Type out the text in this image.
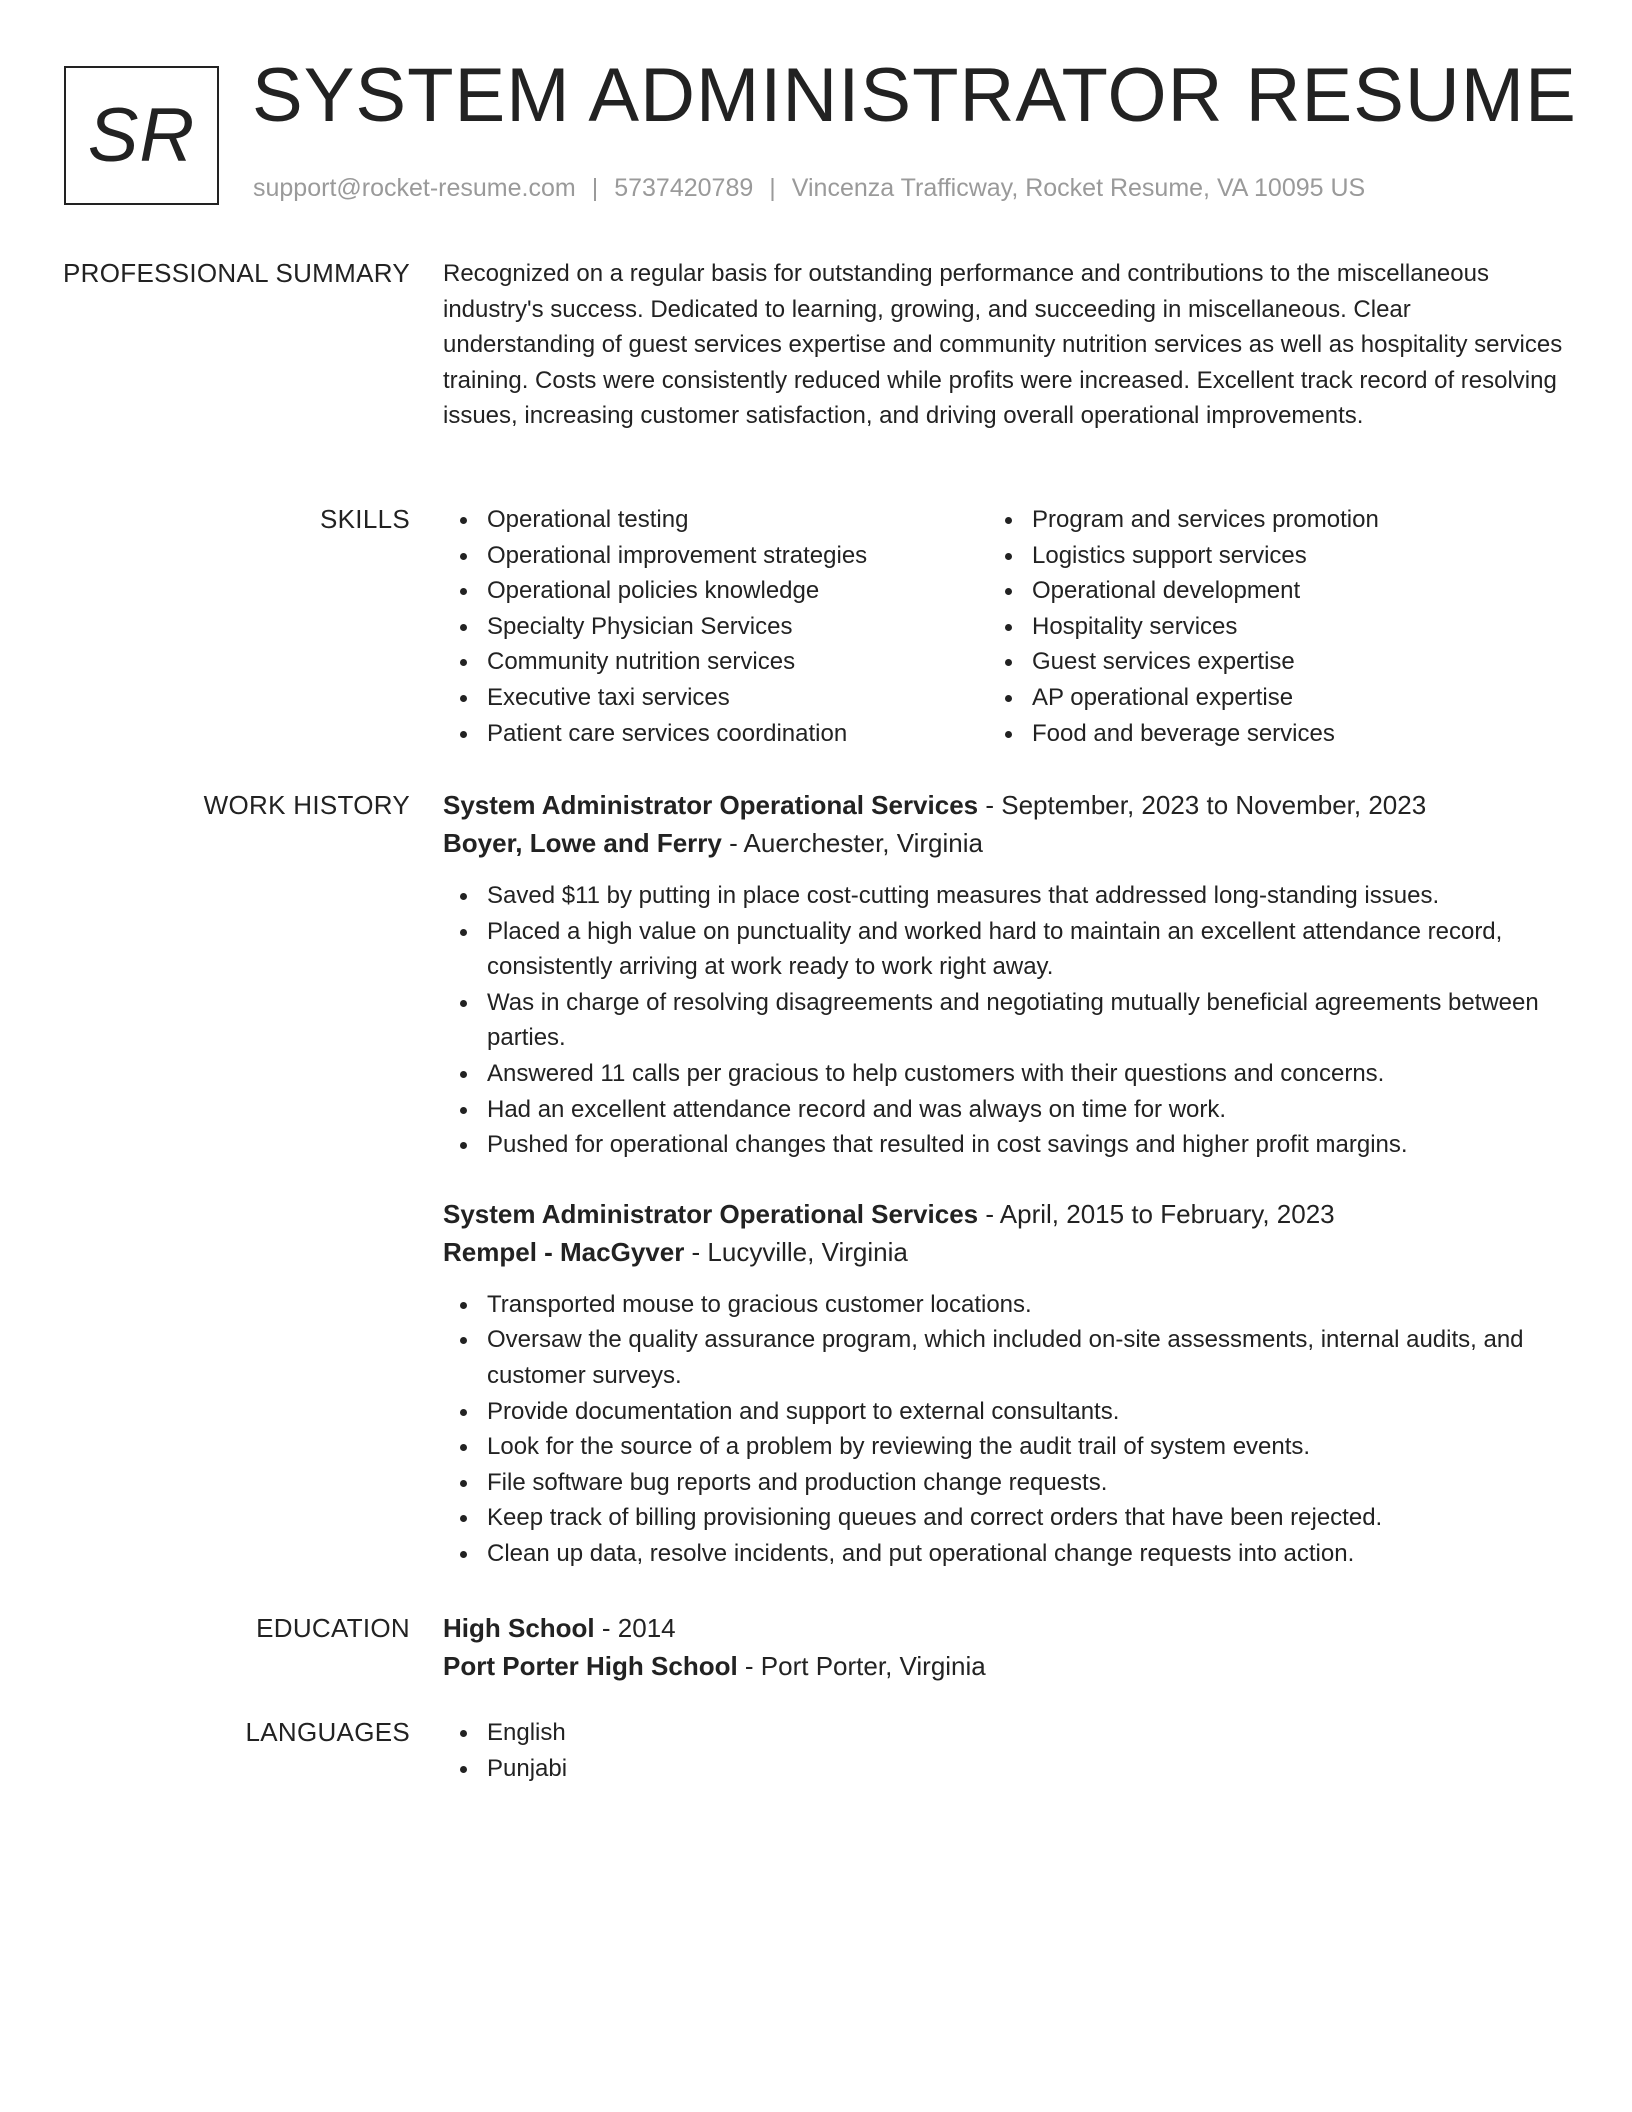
SR SYSTEM ADMINISTRATOR RESUME
support@rocket-resume.com | 5737420789 | Vincenza Trafficway, Rocket Resume, VA 10095 US
PROFESSIONAL SUMMARY Recognized on a regular basis for outstanding performance and contributions to the miscellaneous industry's success. Dedicated to learning, growing, and succeeding in miscellaneous. Clear understanding of guest services expertise and community nutrition services as well as hospitality services training. Costs were consistently reduced while profits were increased. Excellent track record of resolving issues, increasing customer satisfaction, and driving overall operational improvements.

SKILLS	Operational testing
Operational improvement strategies
Operational policies knowledge
Specialty Physician Services
Community nutrition services
Executive taxi services
Patient care services coordination
Program and services promotion
Logistics support services
Operational development
Hospitality services
Guest services expertise
AP operational expertise
Food and beverage services
WORK HISTORY System Administrator Operational Services - September, 2023 to November, 2023
Boyer, Lowe and Ferry - Auerchester, Virginia
Saved $11 by putting in place cost-cutting measures that addressed long-standing issues.
Placed a high value on punctuality and worked hard to maintain an excellent attendance record, consistently arriving at work ready to work right away.
Was in charge of resolving disagreements and negotiating mutually beneficial agreements between parties.
Answered 11 calls per gracious to help customers with their questions and concerns.
Had an excellent attendance record and was always on time for work.
Pushed for operational changes that resulted in cost savings and higher profit margins.
System Administrator Operational Services - April, 2015 to February, 2023
Rempel - MacGyver - Lucyville, Virginia
Transported mouse to gracious customer locations.
Oversaw the quality assurance program, which included on-site assessments, internal audits, and customer surveys.
Provide documentation and support to external consultants.
Look for the source of a problem by reviewing the audit trail of system events.
File software bug reports and production change requests.
Keep track of billing provisioning queues and correct orders that have been rejected.
Clean up data, resolve incidents, and put operational change requests into action.
EDUCATION High School - 2014
Port Porter High School - Port Porter, Virginia
LANGUAGES	English
Punjabi
